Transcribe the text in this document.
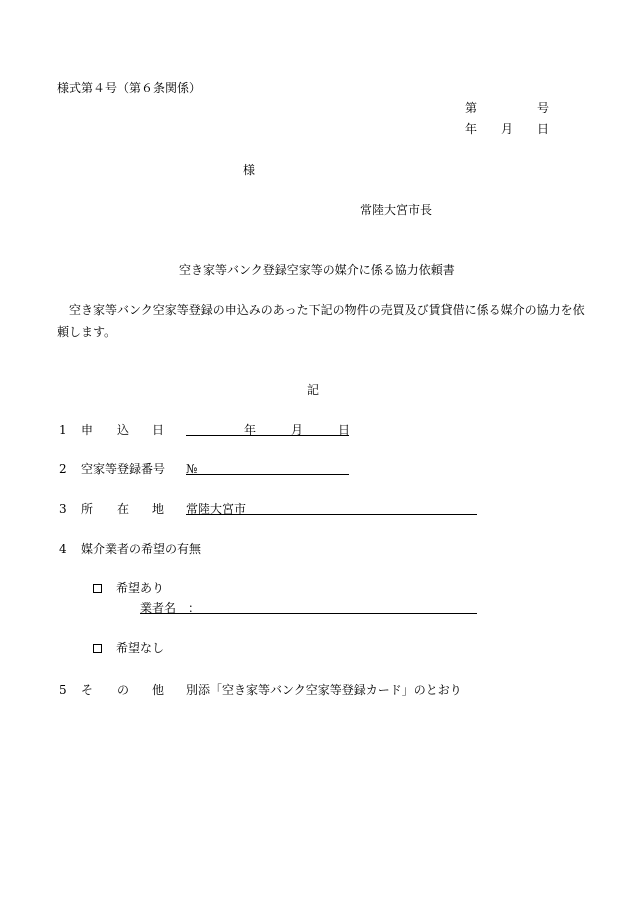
様式第４号（第６条関係）
第	号
年 月 日
様
常陸大宮市長
空き家等バンク登録空家等の媒介に係る協力依頼書
空き家等バンク空家等登録の申込みのあった下記の物件の売買及び賃貸借に係る媒介の協力を依
頼します。
記
1 申 込 日	年	月	日
2 空家等登録番号 №
3 所 在 地 常陸大宮市
4 媒介業者の希望の有無
希望あり
業者名　：
希望なし
5 そ の 他 別添「空き家等バンク空家等登録カード」のとおり
